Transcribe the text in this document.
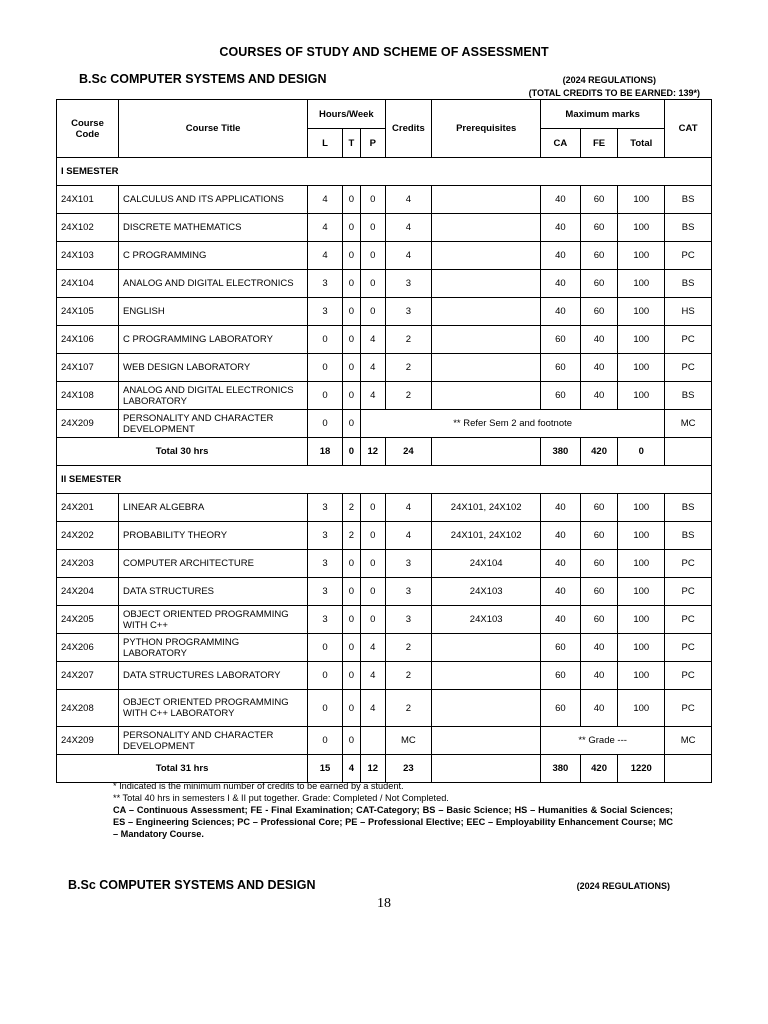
COURSES OF STUDY AND SCHEME OF ASSESSMENT
B.Sc COMPUTER SYSTEMS AND DESIGN	(2024 REGULATIONS)
(TOTAL CREDITS TO BE EARNED: 139*)
Course Code	Course Title	Hours/Week			Credits	Prerequisites	Maximum marks			CAT
		L	T	P			CA	FE	Total	
I SEMESTER										
24X101	CALCULUS AND ITS APPLICATIONS	4	0	0	4		40	60	100	BS
24X102	DISCRETE MATHEMATICS	4	0	0	4		40	60	100	BS
24X103	C PROGRAMMING	4	0	0	4		40	60	100	PC
24X104	ANALOG AND DIGITAL ELECTRONICS	3	0	0	3		40	60	100	BS
24X105	ENGLISH	3	0	0	3		40	60	100	HS
24X106	C PROGRAMMING LABORATORY	0	0	4	2		60	40	100	PC
24X107	WEB DESIGN LABORATORY	0	0	4	2		60	40	100	PC
24X108	ANALOG AND DIGITAL ELECTRONICS LABORATORY	0	0	4	2		60	40	100	BS
24X209	PERSONALITY AND CHARACTER DEVELOPMENT	0	0	** Refer Sem 2 and footnote						MC
Total 30 hrs		18	0	12	24		380	420	0	
II SEMESTER										
24X201	LINEAR ALGEBRA	3	2	0	4	24X101, 24X102	40	60	100	BS
24X202	PROBABILITY THEORY	3	2	0	4	24X101, 24X102	40	60	100	BS
24X203	COMPUTER ARCHITECTURE	3	0	0	3	24X104	40	60	100	PC
24X204	DATA STRUCTURES	3	0	0	3	24X103	40	60	100	PC
24X205	OBJECT ORIENTED PROGRAMMING WITH C++	3	0	0	3	24X103	40	60	100	PC
24X206	PYTHON PROGRAMMING LABORATORY	0	0	4	2		60	40	100	PC
24X207	DATA STRUCTURES LABORATORY	0	0	4	2		60	40	100	PC
24X208	OBJECT ORIENTED PROGRAMMING WITH C++ LABORATORY	0	0	4	2		60	40	100	PC
24X209	PERSONALITY AND CHARACTER DEVELOPMENT	0	0		MC		** Grade ---			MC
Total 31 hrs		15	4	12	23		380	420	1220	
* Indicated is the minimum number of credits to be earned by a student.
** Total 40 hrs in semesters I & II put together. Grade: Completed / Not Completed.
CA – Continuous Assessment; FE - Final Examination; CAT-Category; BS – Basic Science; HS – Humanities & Social Sciences; ES – Engineering Sciences; PC – Professional Core; PE – Professional Elective; EEC – Employability Enhancement Course; MC – Mandatory Course.
B.Sc COMPUTER SYSTEMS AND DESIGN	(2024 REGULATIONS)
18
